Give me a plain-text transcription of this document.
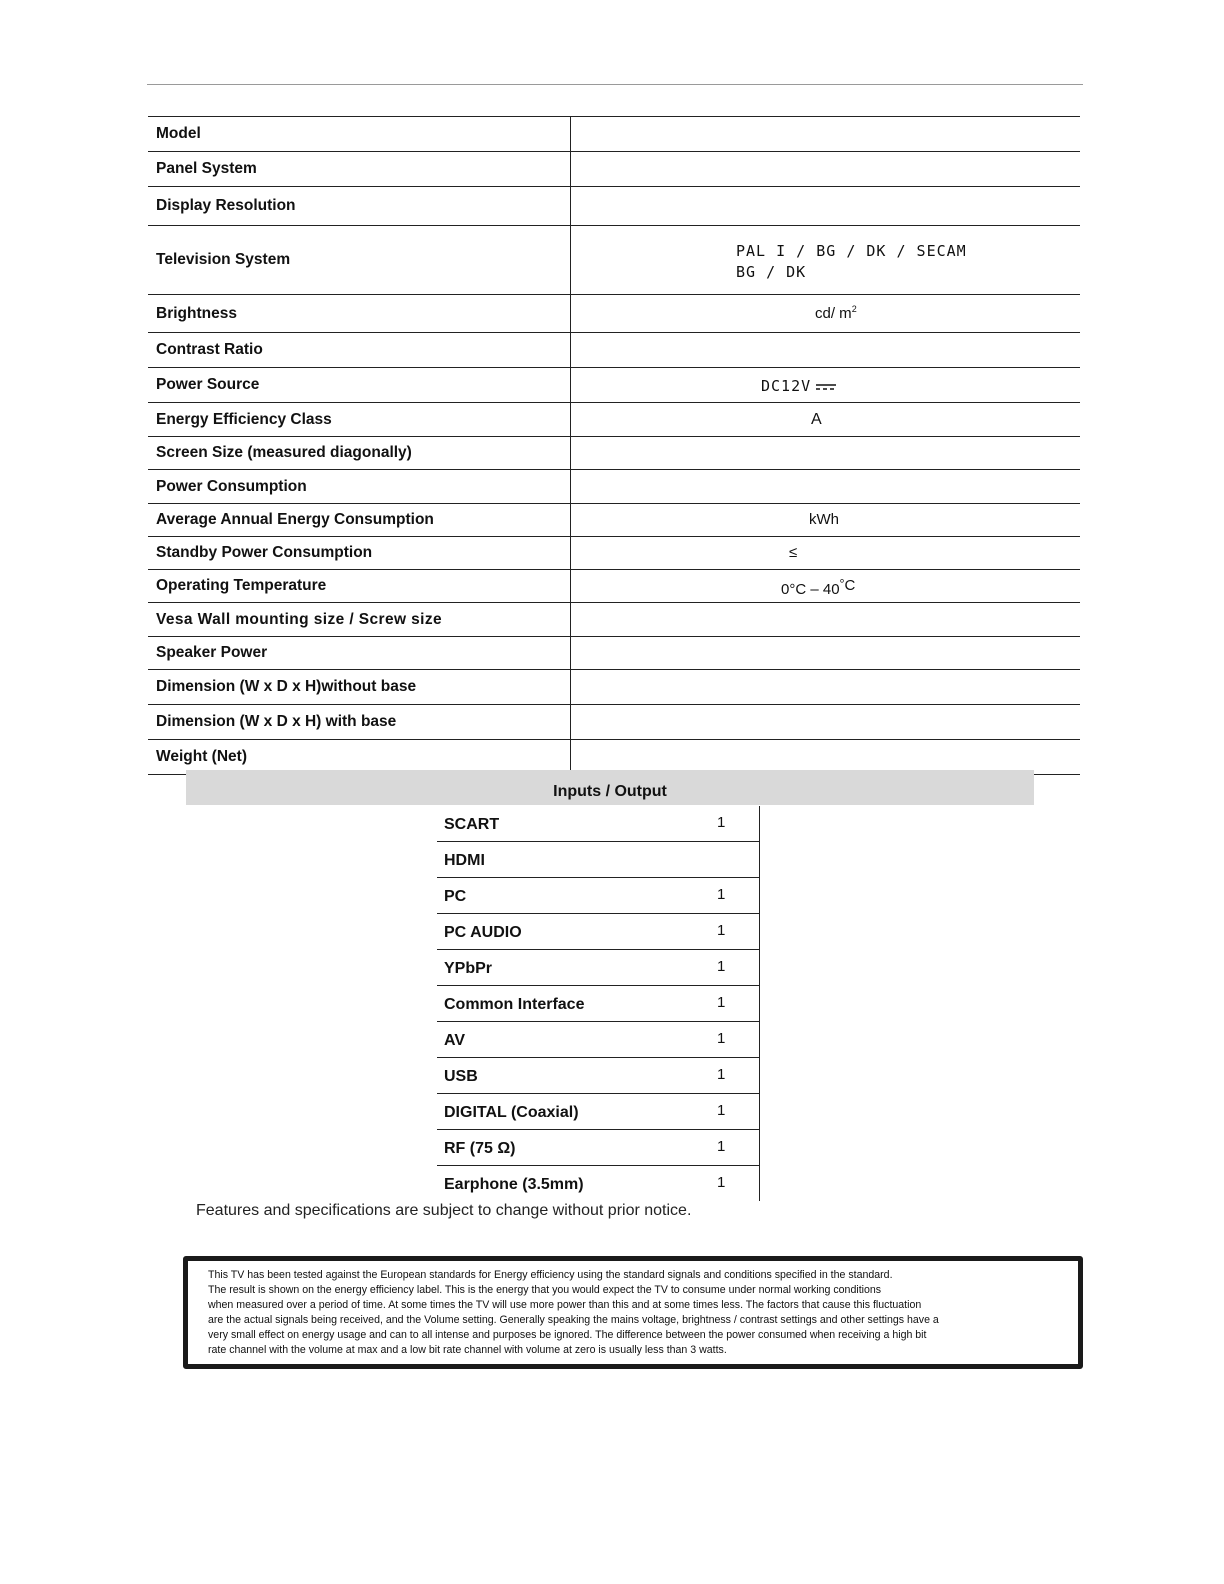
Model
Panel System
Display Resolution
Television System	PAL I / BG / DK / SECAM
BG / DK
Brightness	cd/ $m^2$
Contrast Ratio
Power Source	DC12V
Energy Efficiency Class	A
Screen Size (measured diagonally)
Power Consumption
Average Annual Energy Consumption	kWh
Standby Power Consumption	≤
Operating Temperature	0°C – 40°C
Vesa Wall mounting size / Screw size
Speaker Power
Dimension (W x D x H)without base
Dimension (W x D x H) with base
Weight (Net)
Inputs / Output
SCART	1
HDMI
PC	1
PC AUDIO	1
YPbPr	1
Common Interface	1
AV	1
USB	1
DIGITAL (Coaxial)	1
RF (75 Ω)	1
Earphone (3.5mm)	1
Features and specifications are subject to change without prior notice.

This TV has been tested against the European standards for Energy efficiency using the standard signals and conditions specified in the standard.

The result is shown on the energy efficiency label. This is the energy that you would expect the TV to consume under normal working conditions

when measured over a period of time. At some times the TV will use more power than this and at some times less. The factors that cause this fluctuation

are the actual signals being received, and the Volume setting. Generally speaking the mains voltage, brightness / contrast settings and other settings have a

very small effect on energy usage and can to all intense and purposes be ignored. The difference between the power consumed when receiving a high bit

rate channel with the volume at max and a low bit rate channel with volume at zero is usually less than 3 watts.
